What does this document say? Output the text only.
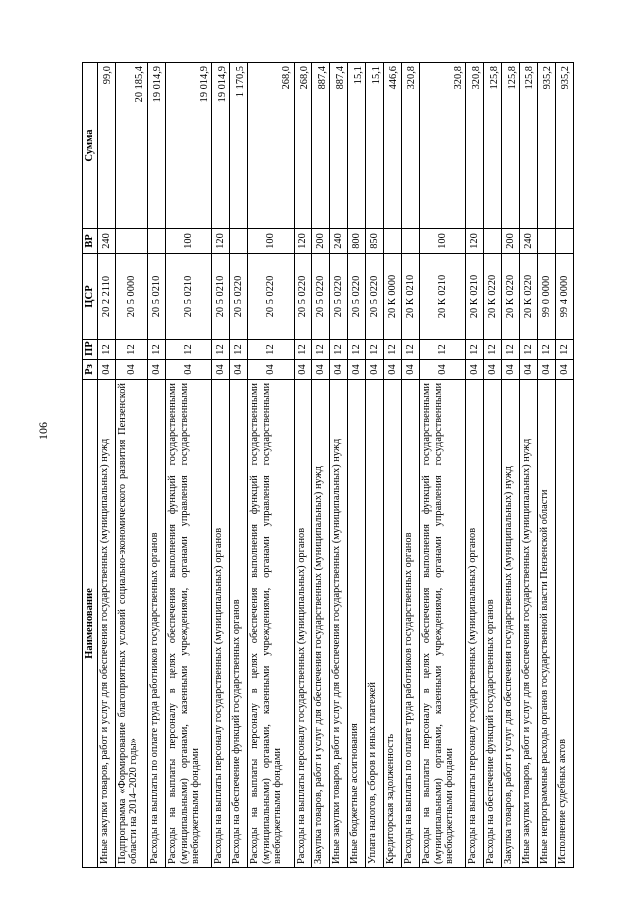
106
Наименование	Рз	ПР	ЦСР	ВР	Сумма
Иные закупки товаров, работ и услуг для обеспечения государственных (муниципальных) нужд	04	12	20 2 2110	240	99,0
Подпрограмма «Формирование благоприятных условий социально-экономического развития Пензенской области на 2014–2020 годы»	04	12	20 5 0000		20 185,4
Расходы на выплаты по оплате труда работников государственных органов	04	12	20 5 0210		19 014,9
Расходы на выплаты персоналу в целях обеспечения выполнения функций государственными (муниципальными) органами, казенными учреждениями, органами управления государственными внебюджетными фондами	04	12	20 5 0210	100	19 014,9
Расходы на выплаты персоналу государственных (муниципальных) органов	04	12	20 5 0210	120	19 014,9
Расходы на обеспечение функций государственных органов	04	12	20 5 0220		1 170,5
Расходы на выплаты персоналу в целях обеспечения выполнения функций государственными (муниципальными) органами, казенными учреждениями, органами управления государственными внебюджетными фондами	04	12	20 5 0220	100	268,0
Расходы на выплаты персоналу государственных (муниципальных) органов	04	12	20 5 0220	120	268,0
Закупка товаров, работ и услуг для обеспечения государственных (муниципальных) нужд	04	12	20 5 0220	200	887,4
Иные закупки товаров, работ и услуг для обеспечения государственных (муниципальных) нужд	04	12	20 5 0220	240	887,4
Иные бюджетные ассигнования	04	12	20 5 0220	800	15,1
Уплата налогов, сборов и иных платежей	04	12	20 5 0220	850	15,1
Кредиторская задолженность	04	12	20 К 0000		446,6
Расходы на выплаты по оплате труда работников государственных органов	04	12	20 К 0210		320,8
Расходы на выплаты персоналу в целях обеспечения выполнения функций государственными (муниципальными) органами, казенными учреждениями, органами управления государственными внебюджетными фондами	04	12	20 К 0210	100	320,8
Расходы на выплаты персоналу государственных (муниципальных) органов	04	12	20 К 0210	120	320,8
Расходы на обеспечение функций государственных органов	04	12	20 К 0220		125,8
Закупка товаров, работ и услуг для обеспечения государственных (муниципальных) нужд	04	12	20 К 0220	200	125,8
Иные закупки товаров, работ и услуг для обеспечения государственных (муниципальных) нужд	04	12	20 К 0220	240	125,8
Иные непрограммные расходы органов государственной власти Пензенской области	04	12	99 0 0000		935,2
Исполнение судебных актов	04	12	99 4 0000		935,2
